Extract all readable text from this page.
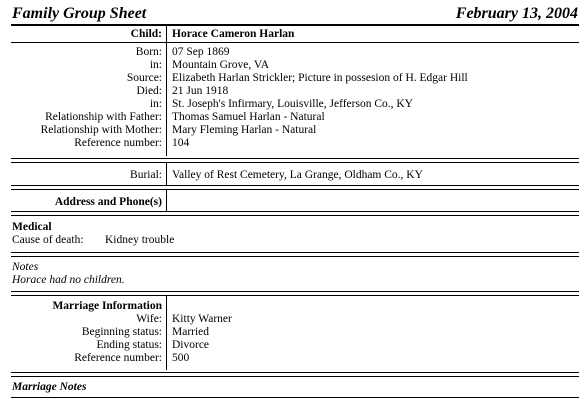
Family Group Sheet	February 13, 2004
Child: Horace Cameron Harlan
Born: 07 Sep 1869
in: Mountain Grove, VA
Source: Elizabeth Harlan Strickler; Picture in possesion of H. Edgar Hill
Died: 21 Jun 1918
in: St. Joseph's Infirmary, Louisville, Jefferson Co., KY
Relationship with Father: Thomas Samuel Harlan - Natural
Relationship with Mother: Mary Fleming Harlan - Natural
Reference number: 104
Burial: Valley of Rest Cemetery, La Grange, Oldham Co., KY
Address and Phone(s)
Medical
Cause of death: Kidney trouble
Notes
Horace had no children.
Marriage Information
Wife: Kitty Warner
Beginning status: Married
Ending status: Divorce
Reference number: 500
Marriage Notes
